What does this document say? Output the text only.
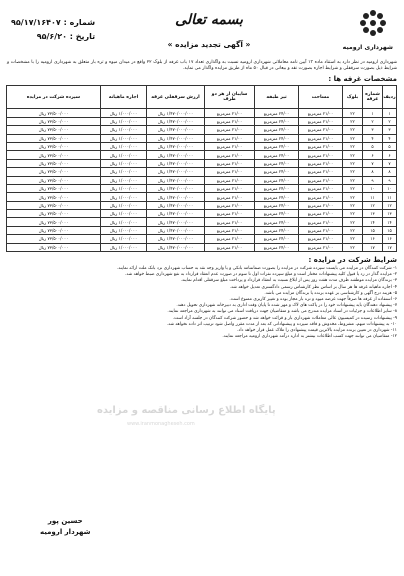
شهرداری ارومیه
بسمه تعالی
شماره : ۹۵/۱۷/۱۶۴۰۷
تاریخ : ۹۵/۶/۲۰
« آگهی تجدید مزایده »
شهرداری ارومیه در نظر دارد به استناد ماده ۱۳ آیین نامه معاملاتی شهرداری ارومیه نسبت به واگذاری تعداد ۱۷ باب غرفه از بلوک ۲۲ واقع در میدان میوه و تره بار متعلق به شهرداری ارومیه را با مشخصات و شرایط ذیل بصورت سرقفلی و شرایط اجاره بصورت نقد و بیعانی در قبال ۵۰ ماه از طریق مزایده واگذار می نماید.
مشخصات غرفه ها :
ردیف	شماره غرفه	بلوک	مساحت	تیر طبقه	سایبان از هر دو طرف	ارزش سرقفلی غرفه	اجاره ماهیانه	سپرده شرکت در مزایده
۱	۱	۲۲	۲۱/۰۰ مترمربع	۲۴/۰۰ مترمربع	۲۱/۰۰ مترمربع	۱/۴۷۰/۰۰۰/۰۰۰ ریال	۱/۰۰۰/۰۰۰ ریال	۷۳/۵۰۰/۰۰۰ ریال
۲	۲	۲۲	۲۱/۰۰ مترمربع	۲۴/۰۰ مترمربع	۲۱/۰۰ مترمربع	۱/۴۷۰/۰۰۰/۰۰۰ ریال	۱/۰۰۰/۰۰۰ ریال	۷۳/۵۰۰/۰۰۰ ریال
۳	۳	۲۲	۲۱/۰۰ مترمربع	۲۴/۰۰ مترمربع	۲۱/۰۰ مترمربع	۱/۴۷۰/۰۰۰/۰۰۰ ریال	۱/۰۰۰/۰۰۰ ریال	۷۳/۵۰۰/۰۰۰ ریال
۴	۴	۲۲	۲۱/۰۰ مترمربع	۲۴/۰۰ مترمربع	۲۱/۰۰ مترمربع	۱/۴۷۰/۰۰۰/۰۰۰ ریال	۱/۰۰۰/۰۰۰ ریال	۷۳/۵۰۰/۰۰۰ ریال
۵	۵	۲۲	۲۱/۰۰ مترمربع	۲۴/۰۰ مترمربع	۲۱/۰۰ مترمربع	۱/۴۷۰/۰۰۰/۰۰۰ ریال	۱/۰۰۰/۰۰۰ ریال	۷۳/۵۰۰/۰۰۰ ریال
۶	۶	۲۲	۲۱/۰۰ مترمربع	۲۴/۰۰ مترمربع	۲۱/۰۰ مترمربع	۱/۴۷۰/۰۰۰/۰۰۰ ریال	۱/۰۰۰/۰۰۰ ریال	۷۳/۵۰۰/۰۰۰ ریال
۷	۷	۲۲	۲۱/۰۰ مترمربع	۲۴/۰۰ مترمربع	۲۱/۰۰ مترمربع	۱/۴۷۰/۰۰۰/۰۰۰ ریال	۱/۰۰۰/۰۰۰ ریال	۷۳/۵۰۰/۰۰۰ ریال
۸	۸	۲۲	۲۱/۰۰ مترمربع	۲۴/۰۰ مترمربع	۲۱/۰۰ مترمربع	۱/۴۷۰/۰۰۰/۰۰۰ ریال	۱/۰۰۰/۰۰۰ ریال	۷۳/۵۰۰/۰۰۰ ریال
۹	۹	۲۲	۲۱/۰۰ مترمربع	۲۴/۰۰ مترمربع	۲۱/۰۰ مترمربع	۱/۴۷۰/۰۰۰/۰۰۰ ریال	۱/۰۰۰/۰۰۰ ریال	۷۳/۵۰۰/۰۰۰ ریال
۱۰	۱۰	۲۲	۲۱/۰۰ مترمربع	۲۴/۰۰ مترمربع	۲۱/۰۰ مترمربع	۱/۴۷۰/۰۰۰/۰۰۰ ریال	۱/۰۰۰/۰۰۰ ریال	۷۳/۵۰۰/۰۰۰ ریال
۱۱	۱۱	۲۲	۲۱/۰۰ مترمربع	۲۴/۰۰ مترمربع	۲۱/۰۰ مترمربع	۱/۴۷۰/۰۰۰/۰۰۰ ریال	۱/۰۰۰/۰۰۰ ریال	۷۳/۵۰۰/۰۰۰ ریال
۱۲	۱۲	۲۲	۲۱/۰۰ مترمربع	۲۴/۰۰ مترمربع	۲۱/۰۰ مترمربع	۱/۴۷۰/۰۰۰/۰۰۰ ریال	۱/۰۰۰/۰۰۰ ریال	۷۳/۵۰۰/۰۰۰ ریال
۱۳	۱۳	۲۲	۲۱/۰۰ مترمربع	۲۴/۰۰ مترمربع	۲۱/۰۰ مترمربع	۱/۴۷۰/۰۰۰/۰۰۰ ریال	۱/۰۰۰/۰۰۰ ریال	۷۳/۵۰۰/۰۰۰ ریال
۱۴	۱۴	۲۲	۲۱/۰۰ مترمربع	۲۴/۰۰ مترمربع	۲۱/۰۰ مترمربع	۱/۴۷۰/۰۰۰/۰۰۰ ریال	۱/۰۰۰/۰۰۰ ریال	۷۳/۵۰۰/۰۰۰ ریال
۱۵	۱۵	۲۲	۲۱/۰۰ مترمربع	۲۴/۰۰ مترمربع	۲۱/۰۰ مترمربع	۱/۴۷۰/۰۰۰/۰۰۰ ریال	۱/۰۰۰/۰۰۰ ریال	۷۳/۵۰۰/۰۰۰ ریال
۱۶	۱۶	۲۲	۲۱/۰۰ مترمربع	۲۴/۰۰ مترمربع	۲۱/۰۰ مترمربع	۱/۴۷۰/۰۰۰/۰۰۰ ریال	۱/۰۰۰/۰۰۰ ریال	۷۳/۵۰۰/۰۰۰ ریال
۱۷	۱۷	۲۲	۲۱/۰۰ مترمربع	۲۴/۰۰ مترمربع	۲۱/۰۰ مترمربع	۱/۴۷۰/۰۰۰/۰۰۰ ریال	۱/۰۰۰/۰۰۰ ریال	۷۳/۵۰۰/۰۰۰ ریال
شرایط شرکت در مزایده :
پایگاه اطلاع رسانی مناقصه و مزایده
www.iranmonagheseh.com

۱- شرکت کنندگان در مزایده می بایست سپرده شرکت در مزایده را بصورت ضمانتنامه بانکی و یا واریز وجه نقد به حساب شهرداری نزد بانک ملت ارائه نمایند.

۲- مزایده گذار در رد یا قبول کلیه پیشنهادات مختار است و مبلغ سپرده نفرات اول تا سوم در صورت عدم انعقاد قرارداد به نفع شهرداری ضبط خواهد شد.

۳- برندگان مزایده موظفند ظرف مدت هفت روز پس از ابلاغ نسبت به انعقاد قرارداد و پرداخت مبلغ سرقفلی اقدام نمایند.

۴- اجاره ماهیانه غرفه ها هر سال بر اساس نظر کارشناس رسمی دادگستری تعدیل خواهد شد.

۵- هزینه درج آگهی و کارشناسی بر عهده برنده یا برندگان مزایده می باشد.

۶- استفاده از غرفه ها صرفاً جهت عرضه میوه و تره بار مجاز بوده و تغییر کاربری ممنوع است.

۷- پیشنهاد دهندگان باید پیشنهادات خود را در پاکت های لاک و مهر شده تا پایان وقت اداری به دبیرخانه شهرداری تحویل دهند.

۸- سایر اطلاعات و جزئیات در اسناد مزایده مندرج می باشد و متقاضیان جهت دریافت اسناد می توانند به شهرداری مراجعه نمایند.

۹- پیشنهادات رسیده در کمیسیون عالی معاملات شهرداری باز و قرائت خواهد شد و حضور شرکت کنندگان در جلسه آزاد است.

۱۰- به پیشنهادات مبهم، مشروط، مخدوش و فاقد سپرده و پیشنهاداتی که بعد از مدت مقرر واصل شود ترتیب اثر داده نخواهد شد.

۱۱- شهرداری در تعیین برنده مزایده بالاترین قیمت پیشنهادی را ملاک عمل قرار خواهد داد.

۱۲- متقاضیان می توانند جهت کسب اطلاعات بیشتر به اداره درآمد شهرداری ارومیه مراجعه نمایند.

حسین پور
شهردار ارومیه
